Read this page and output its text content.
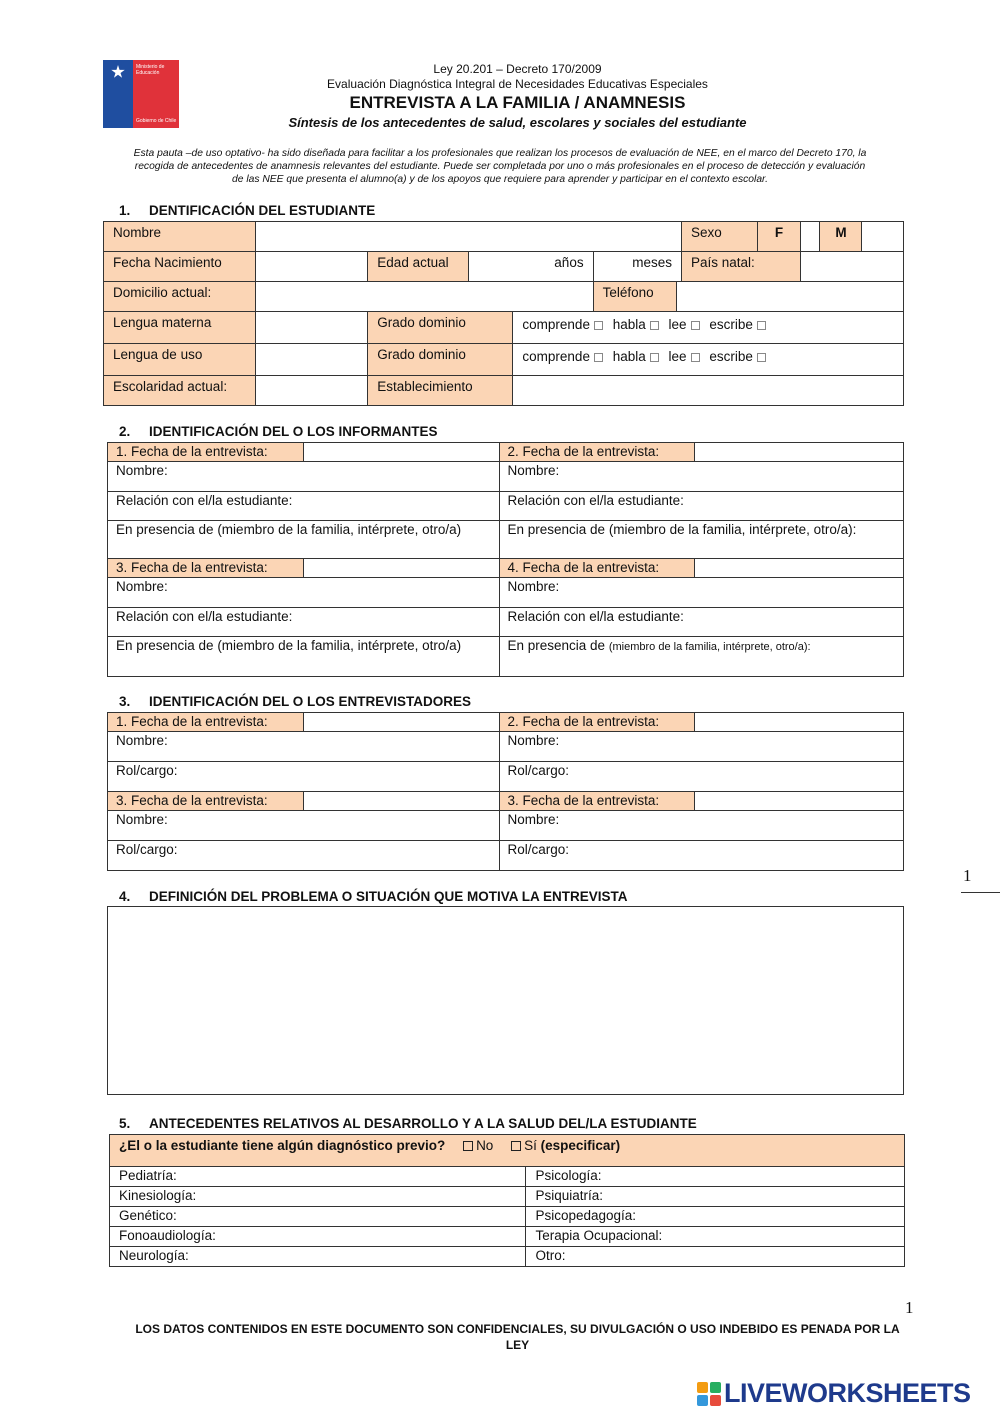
Ministerio de
Educación
Gobierno de Chile
Ley 20.201 – Decreto 170/2009
Evaluación Diagnóstica Integral de Necesidades Educativas Especiales
ENTREVISTA A LA FAMILIA / ANAMNESIS
Síntesis de los antecedentes de salud, escolares y sociales del estudiante
Esta pauta –de uso optativo- ha sido diseñada para facilitar a los profesionales que realizan los procesos de evaluación de NEE, en el marco del Decreto 170, la
recogida de antecedentes de anamnesis relevantes del estudiante. Puede ser completada por uno o más profesionales en el proceso de detección y evaluación
de las NEE que presenta el alumno(a) y de los apoyos que requiere para aprender y participar en el contexto escolar.
1. DENTIFICACIÓN DEL ESTUDIANTE
Nombre							Sexo	F		M	
Fecha Nacimiento		Edad actual	años		meses		País natal:				
Domicilio actual:					Teléfono						
Lengua materna		Grado dominio		comprende habla lee escribe							
Lengua de uso		Grado dominio		comprende habla lee escribe							
Escolaridad actual:		Establecimiento									
2. IDENTIFICACIÓN DEL O LOS INFORMANTES
1. Fecha de la entrevista:		2. Fecha de la entrevista:	
Nombre:		Nombre:	
Relación con el/la estudiante:		Relación con el/la estudiante:	
En presencia de (miembro de la familia, intérprete, otro/a)		En presencia de (miembro de la familia, intérprete, otro/a):	
3. Fecha de la entrevista:		4. Fecha de la entrevista:	
Nombre:		Nombre:	
Relación con el/la estudiante:		Relación con el/la estudiante:	
En presencia de (miembro de la familia, intérprete, otro/a)		En presencia de (miembro de la familia, intérprete, otro/a):	
3. IDENTIFICACIÓN DEL O LOS ENTREVISTADORES
1. Fecha de la entrevista:		2. Fecha de la entrevista:	
Nombre:		Nombre:	
Rol/cargo:		Rol/cargo:	
3. Fecha de la entrevista:		3. Fecha de la entrevista:	
Nombre:		Nombre:	
Rol/cargo:		Rol/cargo:	
1
4. DEFINICIÓN DEL PROBLEMA O SITUACIÓN QUE MOTIVA LA ENTREVISTA
5. ANTECEDENTES RELATIVOS AL DESARROLLO Y A LA SALUD DEL/LA ESTUDIANTE
¿El o la estudiante tiene algún diagnóstico previo? No Sí (especificar)	
Pediatría:	Psicología:
Kinesiología:	Psiquiatría:
Genético:	Psicopedagogía:
Fonoaudiología:	Terapia Ocupacional:
Neurología:	Otro:
1
LOS DATOS CONTENIDOS EN ESTE DOCUMENTO SON CONFIDENCIALES, SU DIVULGACIÓN O USO INDEBIDO ES PENADA POR LA
LEY
LIVEWORKSHEETS
